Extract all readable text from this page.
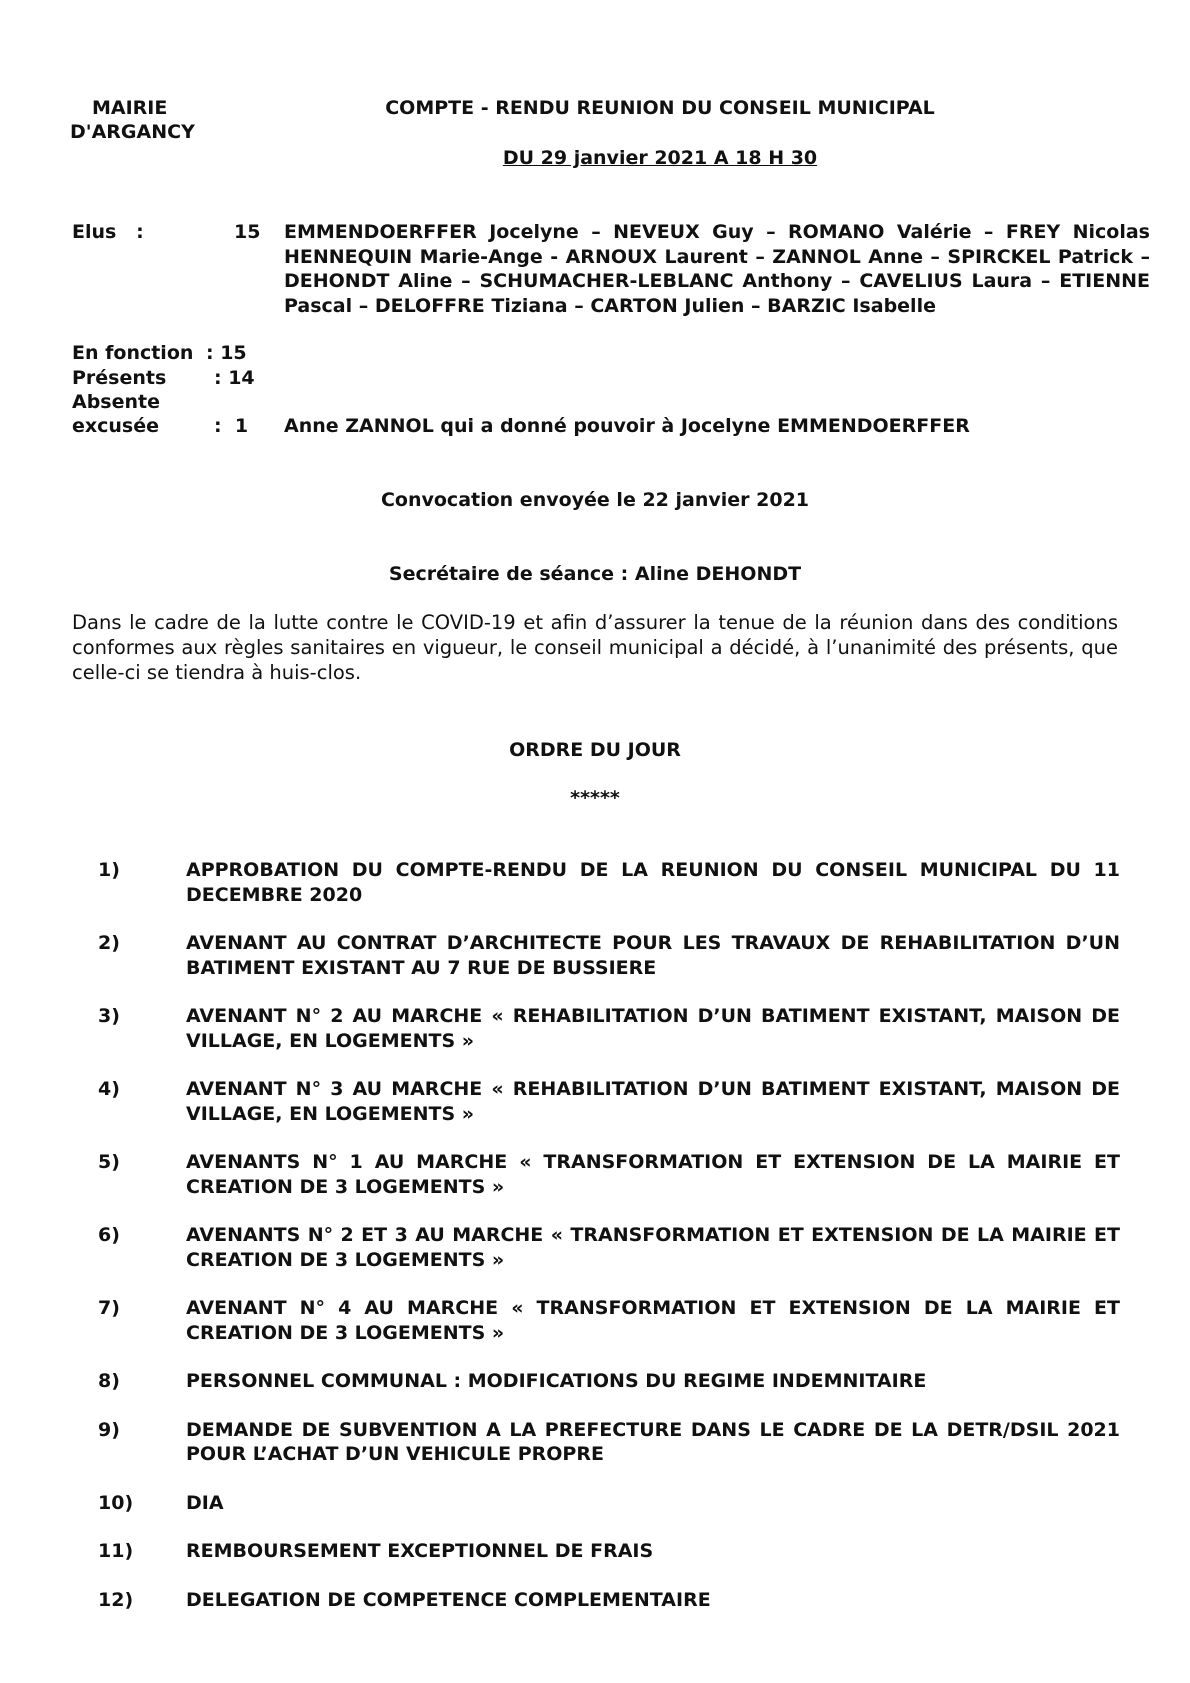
MAIRIE
D'ARGANCY
COMPTE - RENDU REUNION DU CONSEIL MUNICIPAL
DU 29 janvier 2021 A 18 H 30
Elus   :	15 EMMENDOERFFER Jocelyne – NEVEUX Guy – ROMANO Valérie – FREY Nicolas HENNEQUIN Marie-Ange - ARNOUX Laurent – ZANNOL Anne – SPIRCKEL Patrick – DEHONDT Aline – SCHUMACHER-LEBLANC Anthony – CAVELIUS Laura – ETIENNE Pascal – DELOFFRE Tiziana – CARTON Julien – BARZIC Isabelle
En fonction : 15
Présents	: 14
Absente
excusée	:  1 Anne ZANNOL qui a donné pouvoir à Jocelyne EMMENDOERFFER
Convocation envoyée le 22 janvier 2021
Secrétaire de séance : Aline DEHONDT
Dans le cadre de la lutte contre le COVID-19 et afin d’assurer la tenue de la réunion dans des conditions conformes aux règles sanitaires en vigueur, le conseil municipal a décidé, à l’unanimité des présents, que celle-ci se tiendra à huis-clos.
ORDRE DU JOUR
*****
1)	APPROBATION DU COMPTE-RENDU DE LA REUNION DU CONSEIL MUNICIPAL DU 11 DECEMBRE 2020
2)	AVENANT AU CONTRAT D’ARCHITECTE POUR LES TRAVAUX DE REHABILITATION D’UN BATIMENT EXISTANT AU 7 RUE DE BUSSIERE
3)	AVENANT N° 2 AU MARCHE « REHABILITATION D’UN BATIMENT EXISTANT, MAISON DE VILLAGE, EN LOGEMENTS »
4)	AVENANT N° 3 AU MARCHE « REHABILITATION D’UN BATIMENT EXISTANT, MAISON DE VILLAGE, EN LOGEMENTS »
5)	AVENANTS N° 1 AU MARCHE « TRANSFORMATION ET EXTENSION DE LA MAIRIE ET CREATION DE 3 LOGEMENTS »
6)	AVENANTS N° 2 ET 3 AU MARCHE « TRANSFORMATION ET EXTENSION DE LA MAIRIE ET CREATION DE 3 LOGEMENTS »
7)	AVENANT N° 4 AU MARCHE « TRANSFORMATION ET EXTENSION DE LA MAIRIE ET CREATION DE 3 LOGEMENTS »
8)	PERSONNEL COMMUNAL : MODIFICATIONS DU REGIME INDEMNITAIRE
9)	DEMANDE DE SUBVENTION A LA PREFECTURE DANS LE CADRE DE LA DETR/DSIL 2021 POUR L’ACHAT D’UN VEHICULE PROPRE
10)	DIA
11)	REMBOURSEMENT EXCEPTIONNEL DE FRAIS
12)	DELEGATION DE COMPETENCE COMPLEMENTAIRE
